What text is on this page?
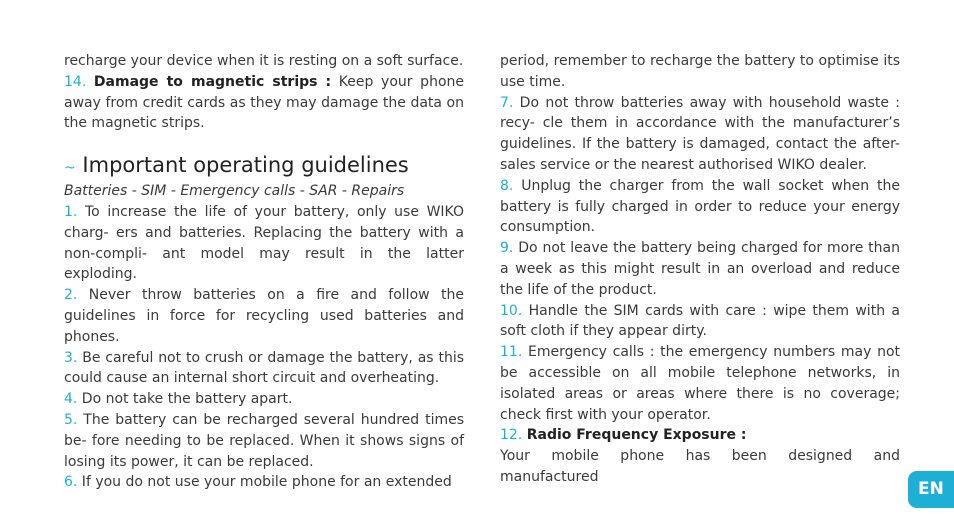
recharge your device when it is resting on a soft surface.

14. Damage to magnetic strips : Keep your phone away from credit cards as they may damage the data on the magnetic strips.

~ Important operating guidelines

Batteries - SIM - Emergency calls - SAR - Repairs

1. To increase the life of your battery, only use WIKO charg- ers and batteries. Replacing the battery with a non-compli- ant model may result in the latter exploding.

2. Never throw batteries on a fire and follow the guidelines in force for recycling used batteries and phones.

3. Be careful not to crush or damage the battery, as this could cause an internal short circuit and overheating.

4. Do not take the battery apart.

5. The battery can be recharged several hundred times be- fore needing to be replaced. When it shows signs of losing its power, it can be replaced.

6. If you do not use your mobile phone for an extended

period, remember to recharge the battery to optimise its use time.

7. Do not throw batteries away with household waste : recy- cle them in accordance with the manufacturer’s guidelines. If the battery is damaged, contact the after-sales service or the nearest authorised WIKO dealer.

8. Unplug the charger from the wall socket when the battery is fully charged in order to reduce your energy consumption.

9. Do not leave the battery being charged for more than a week as this might result in an overload and reduce the life of the product.

10. Handle the SIM cards with care : wipe them with a soft cloth if they appear dirty.

11. Emergency calls : the emergency numbers may not be accessible on all mobile telephone networks, in isolated areas or areas where there is no coverage; check first with your operator.

12. Radio Frequency Exposure :

Your mobile phone has been designed and manufactured

EN
